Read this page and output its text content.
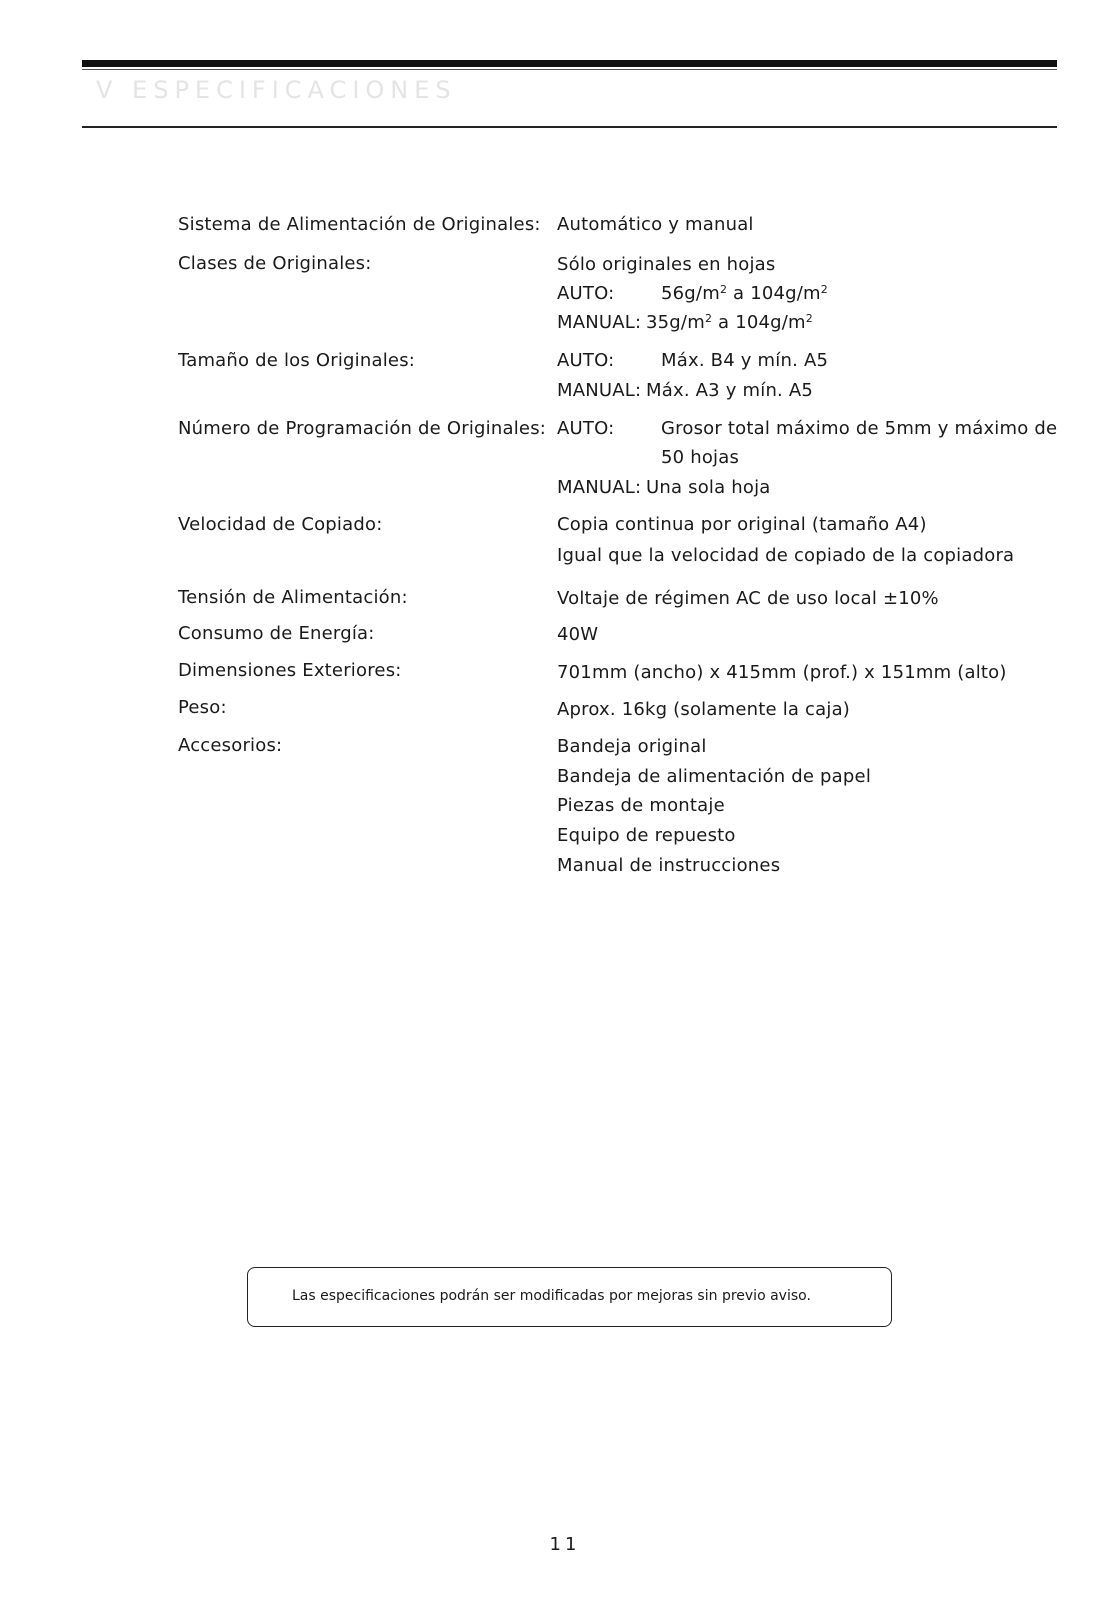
V ESPECIFICACIONES
Sistema de Alimentación de Originales: Automático y manual
Clases de Originales:	Sólo originales en hojas
AUTO:	$56g/m^2$ a $104g/m^2$
MANUAL: $35g/m^2$ a $104g/m^2$
Tamaño de los Originales:	AUTO:	Máx. B4 y mín. A5
MANUAL: Máx. A3 y mín. A5
Número de Programación de Originales: AUTO:	Grosor total máximo de 5mm y máximo de
50 hojas
MANUAL: Una sola hoja
Velocidad de Copiado:	Copia continua por original (tamaño A4)
Igual que la velocidad de copiado de la copiadora
Tensión de Alimentación:	Voltaje de régimen AC de uso local ±10%
Consumo de Energía:	40W
Dimensiones Exteriores:	701mm (ancho) x 415mm (prof.) x 151mm (alto)
Peso:	Aprox. 16kg (solamente la caja)
Accesorios:	Bandeja original
Bandeja de alimentación de papel
Piezas de montaje
Equipo de repuesto
Manual de instrucciones
Las especificaciones podrán ser modificadas por mejoras sin previo aviso.
11
